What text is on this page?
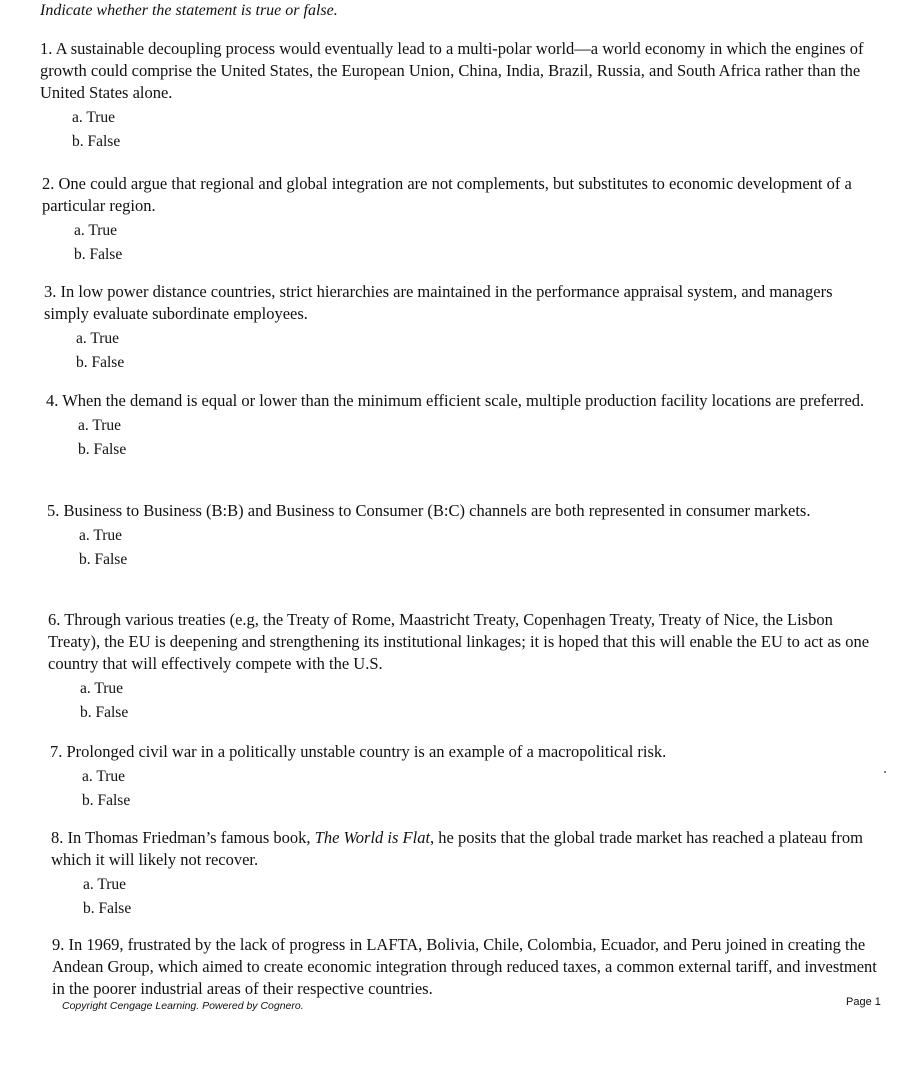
Indicate whether the statement is true or false.

1. A sustainable decoupling process would eventually lead to a multi-polar world—a world economy in which the engines of growth could comprise the United States, the European Union, China, India, Brazil, Russia, and South Africa rather than the United States alone.

a. True
b. False

2. One could argue that regional and global integration are not complements, but substitutes to economic development of a particular region.

a. True
b. False

3. In low power distance countries, strict hierarchies are maintained in the performance appraisal system, and managers simply evaluate subordinate employees.

a. True
b. False

4. When the demand is equal or lower than the minimum efficient scale, multiple production facility locations are preferred.

a. True
b. False

5. Business to Business (B:B) and Business to Consumer (B:C) channels are both represented in consumer markets.

a. True
b. False

6. Through various treaties (e.g, the Treaty of Rome, Maastricht Treaty, Copenhagen Treaty, Treaty of Nice, the Lisbon Treaty), the EU is deepening and strengthening its institutional linkages; it is hoped that this will enable the EU to act as one country that will effectively compete with the U.S.

a. True
b. False

7. Prolonged civil war in a politically unstable country is an example of a macropolitical risk.

a. True
b. False

8. In Thomas Friedman’s famous book, The World is Flat, he posits that the global trade market has reached a plateau from which it will likely not recover.

a. True
b. False

9. In 1969, frustrated by the lack of progress in LAFTA, Bolivia, Chile, Colombia, Ecuador, and Peru joined in creating the Andean Group, which aimed to create economic integration through reduced taxes, a common external tariff, and investment in the poorer industrial areas of their respective countries.

Copyright Cengage Learning. Powered by Cognero.	Page 1
